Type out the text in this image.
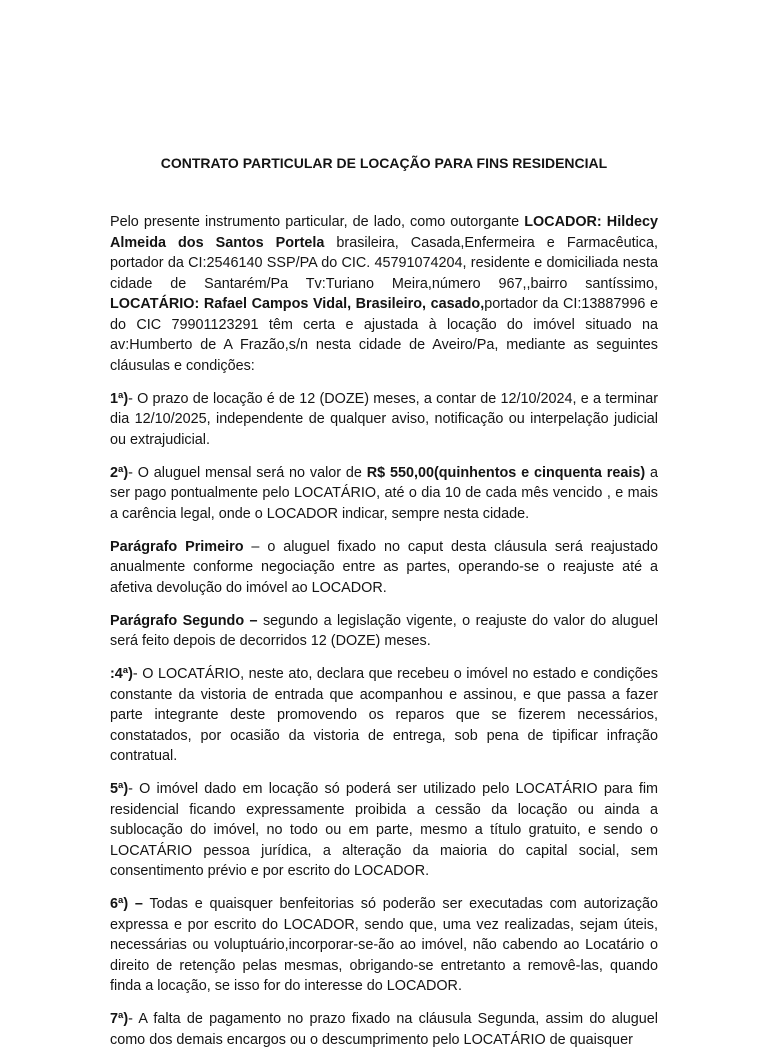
CONTRATO PARTICULAR DE LOCAÇÃO PARA FINS RESIDENCIAL

Pelo presente instrumento particular, de lado, como outorgante LOCADOR: Hildecy Almeida dos Santos Portela brasileira, Casada,Enfermeira e Farmacêutica, portador da CI:2546140 SSP/PA do CIC. 45791074204, residente e domiciliada nesta cidade de Santarém/Pa Tv:Turiano Meira,número 967,,bairro santíssimo, LOCATÁRIO: Rafael Campos Vidal, Brasileiro, casado,portador da CI:13887996 e do CIC 79901123291 têm certa e ajustada à locação do imóvel situado na av:Humberto de A Frazão,s/n nesta cidade de Aveiro/Pa, mediante as seguintes cláusulas e condições:

1ª)- O prazo de locação é de 12 (DOZE) meses, a contar de 12/10/2024, e a terminar dia 12/10/2025, independente de qualquer aviso, notificação ou interpelação judicial ou extrajudicial.

2ª)- O aluguel mensal será no valor de R$ 550,00(quinhentos e cinquenta reais) a ser pago pontualmente pelo LOCATÁRIO, até o dia 10 de cada mês vencido , e mais a carência legal, onde o LOCADOR indicar, sempre nesta cidade.

Parágrafo Primeiro – o aluguel fixado no caput desta cláusula será reajustado anualmente conforme negociação entre as partes, operando-se o reajuste até a afetiva devolução do imóvel ao LOCADOR.

Parágrafo Segundo – segundo a legislação vigente, o reajuste do valor do aluguel será feito depois de decorridos 12 (DOZE) meses.

:4ª)- O LOCATÁRIO, neste ato, declara que recebeu o imóvel no estado e condições constante da vistoria de entrada que acompanhou e assinou, e que passa a fazer parte integrante deste promovendo os reparos que se fizerem necessários, constatados, por ocasião da vistoria de entrega, sob pena de tipificar infração contratual.

5ª)- O imóvel dado em locação só poderá ser utilizado pelo LOCATÁRIO para fim residencial ficando expressamente proibida a cessão da locação ou ainda a sublocação do imóvel, no todo ou em parte, mesmo a título gratuito, e sendo o LOCATÁRIO pessoa jurídica, a alteração da maioria do capital social, sem consentimento prévio e por escrito do LOCADOR.

6ª) – Todas e quaisquer benfeitorias só poderão ser executadas com autorização expressa e por escrito do LOCADOR, sendo que, uma vez realizadas, sejam úteis, necessárias ou voluptuário,incorporar-se-ão ao imóvel, não cabendo ao Locatário o direito de retenção pelas mesmas, obrigando-se entretanto a removê-las, quando finda a locação, se isso for do interesse do LOCADOR.

7ª)- A falta de pagamento no prazo fixado na cláusula Segunda, assim do aluguel como dos demais encargos ou o descumprimento pelo LOCATÁRIO de quaisquer
